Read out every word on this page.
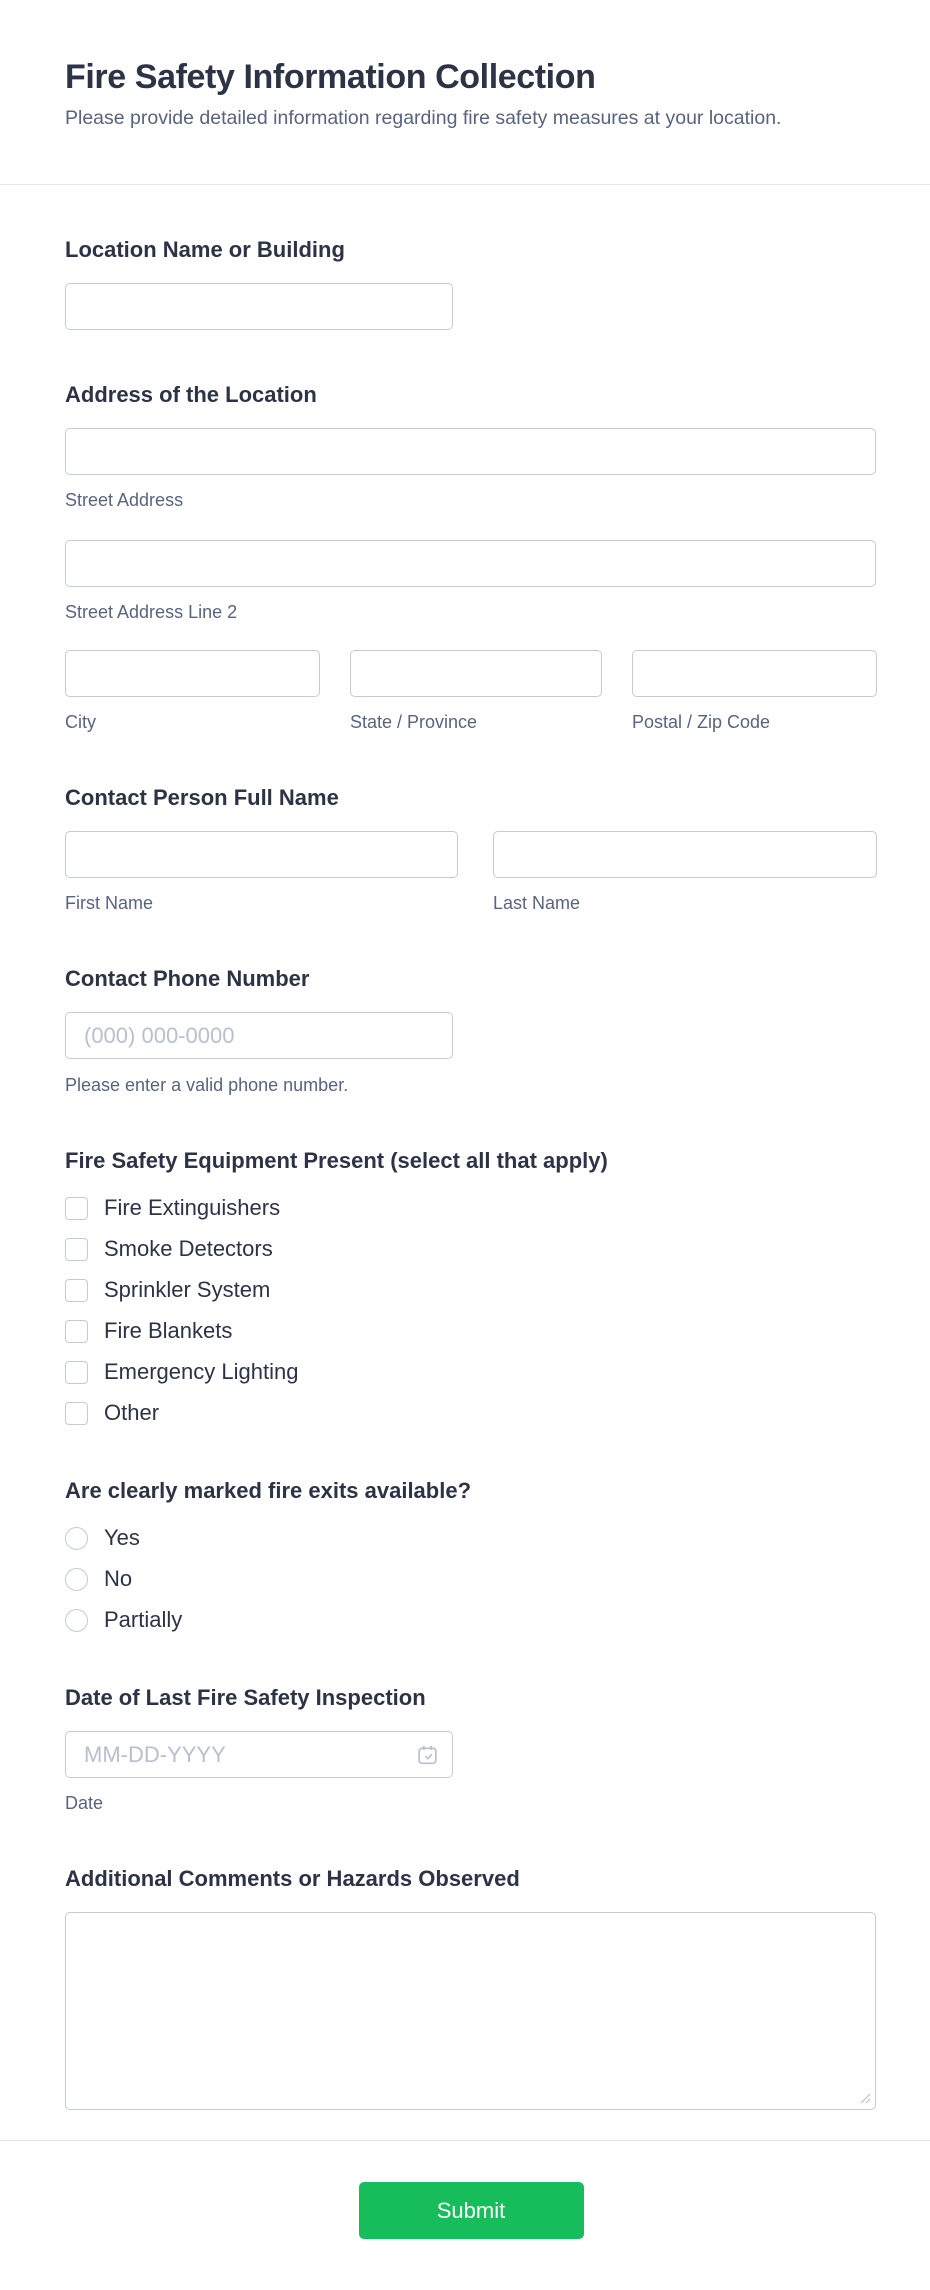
Fire Safety Information Collection

Please provide detailed information regarding fire safety measures at your location.

Location Name or Building
Address of the Location
Street Address
Street Address Line 2
City	State / Province	Postal / Zip Code
Contact Person Full Name
First Name	Last Name
Contact Phone Number
(000) 000-0000
Please enter a valid phone number.
Fire Safety Equipment Present (select all that apply)
Fire Extinguishers
Smoke Detectors
Sprinkler System
Fire Blankets
Emergency Lighting
Other
Are clearly marked fire exits available?
Yes
No
Partially
Date of Last Fire Safety Inspection
MM-DD-YYYY
Date
Additional Comments or Hazards Observed
Submit
